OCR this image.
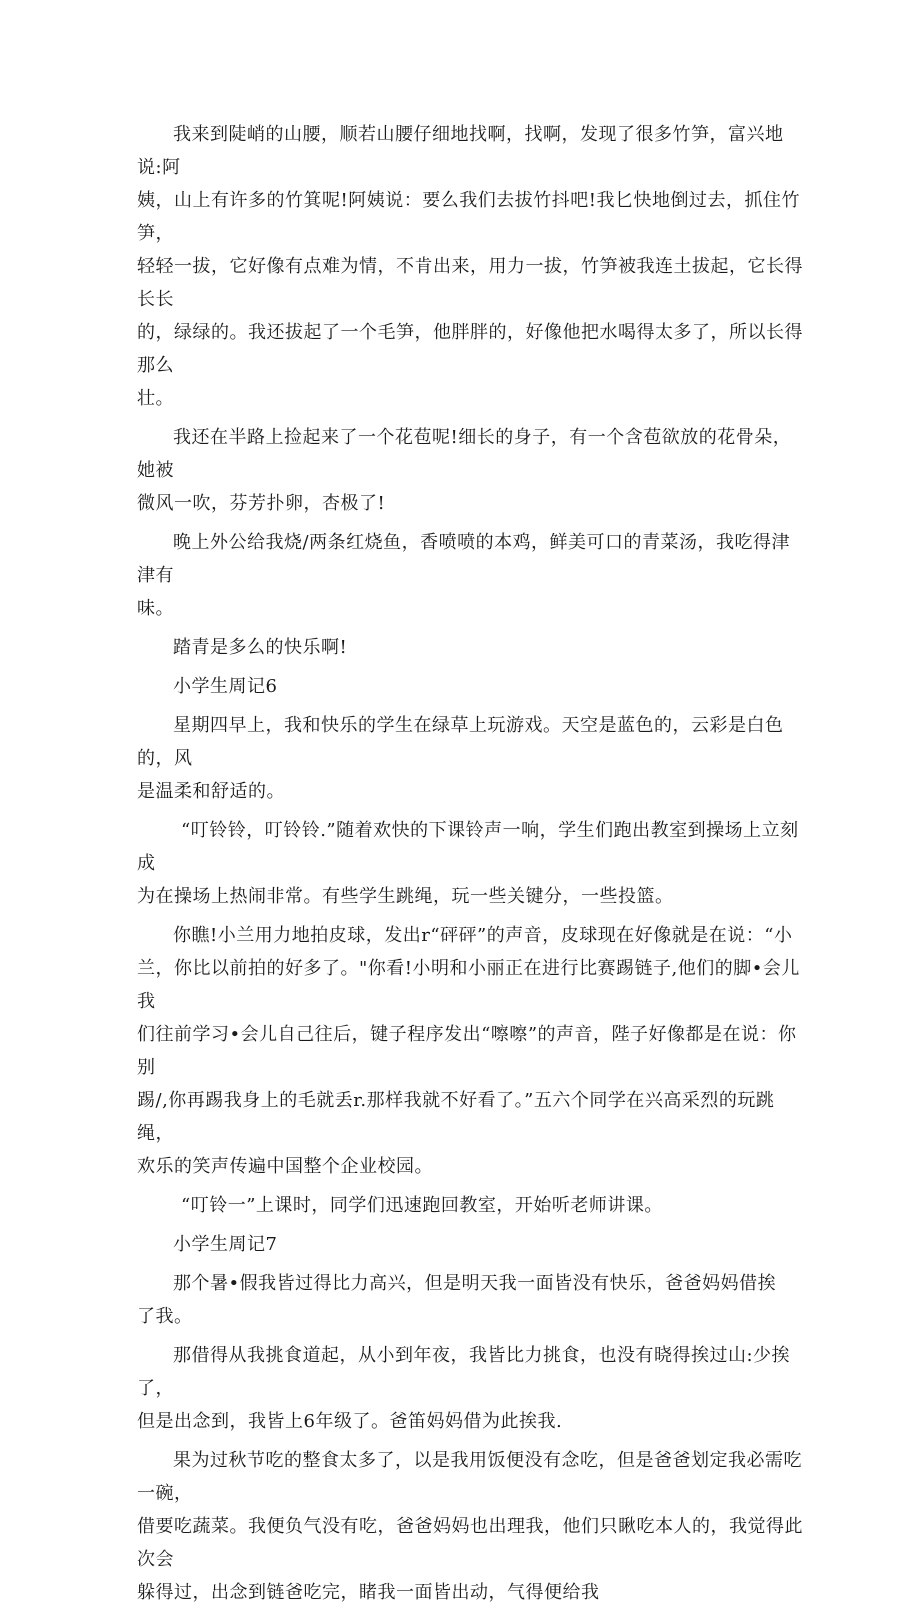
我来到陡峭的山腰，顺若山腰仔细地找啊，找啊，发现了很多竹笋，富兴地说:阿
姨，山上有许多的竹箕呢!阿姨说：要么我们去拔竹抖吧!我匕快地倒过去，抓住竹笋，
轻轻一拔，它好像有点难为情，不肯出来，用力一拔，竹笋被我连土拔起，它长得长长
的，绿绿的。我还拔起了一个毛笋，他胖胖的，好像他把水喝得太多了，所以长得那么
壮。

我还在半路上捡起来了一个花苞呢!细长的身子，有一个含苞欲放的花骨朵，她被
微风一吹，芬芳扑卵，杏极了!

晚上外公给我烧/两条红烧鱼，香喷喷的本鸡，鲜美可口的青菜汤，我吃得津津有
味。

踏青是多么的快乐啊!

小学生周记6

星期四早上，我和快乐的学生在绿草上玩游戏。天空是蓝色的，云彩是白色的，风
是温柔和舒适的。

“叮铃铃，叮铃铃.”随着欢快的下课铃声一响，学生们跑出教室到操场上立刻成
为在操场上热闹非常。有些学生跳绳，玩一些关键分，一些投篮。

你瞧!小兰用力地拍皮球，发出r“砰砰”的声音，皮球现在好像就是在说：“小
兰，你比以前拍的好多了。"你看!小明和小丽正在进行比赛踢链子,他们的脚•会儿我
们往前学习•会儿自己往后，键子程序发出“嚓嚓”的声音，陛子好像都是在说：你别
踢/,你再踢我身上的毛就丢r.那样我就不好看了。”五六个同学在兴高采烈的玩跳绳，
欢乐的笑声传遍中国整个企业校园。

“叮铃一”上课时，同学们迅速跑回教室，开始听老师讲课。

小学生周记7

那个暑•假我皆过得比力高兴，但是明天我一面皆没有快乐，爸爸妈妈借挨
了我。

那借得从我挑食道起，从小到年夜，我皆比力挑食，也没有晓得挨过山:少挨了，
但是出念到，我皆上6年级了。爸笛妈妈借为此挨我.

果为过秋节吃的整食太多了，以是我用饭便没有念吃，但是爸爸划定我必需吃一碗，
借要吃蔬菜。我便负气没有吃，爸爸妈妈也出理我，他们只瞅吃本人的，我觉得此次会
躲得过，出念到链爸吃完，睹我一面皆出动，气得便给我
